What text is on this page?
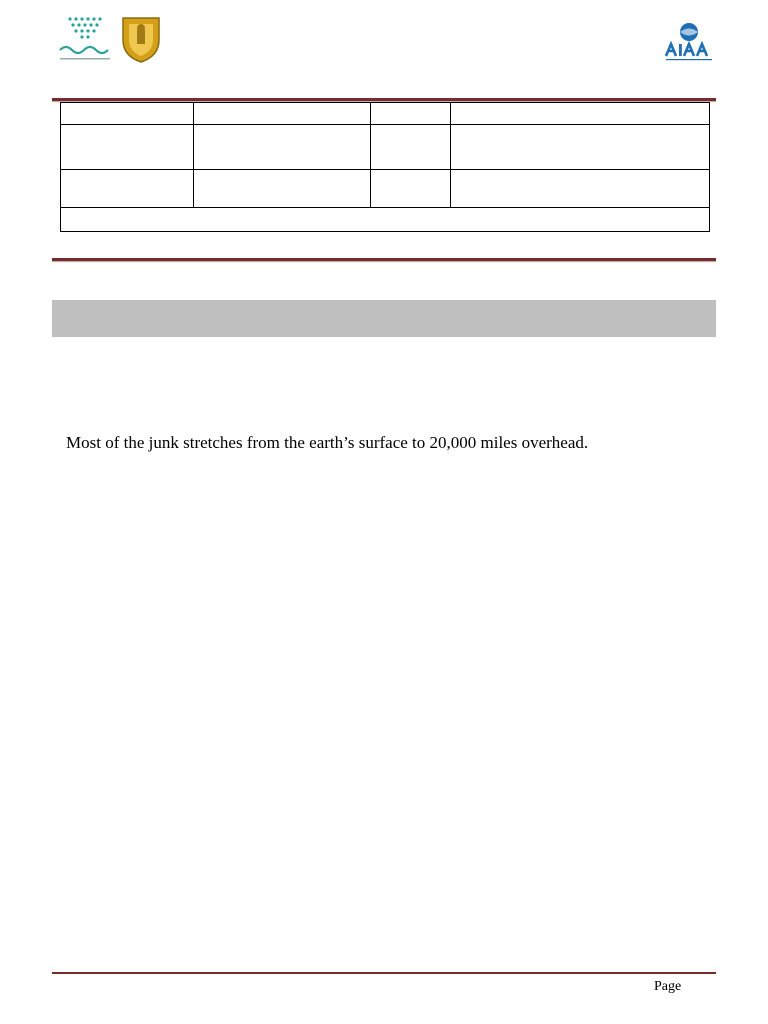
Most of the junk stretches from the earth’s surface to 20,000 miles overhead.

Page
